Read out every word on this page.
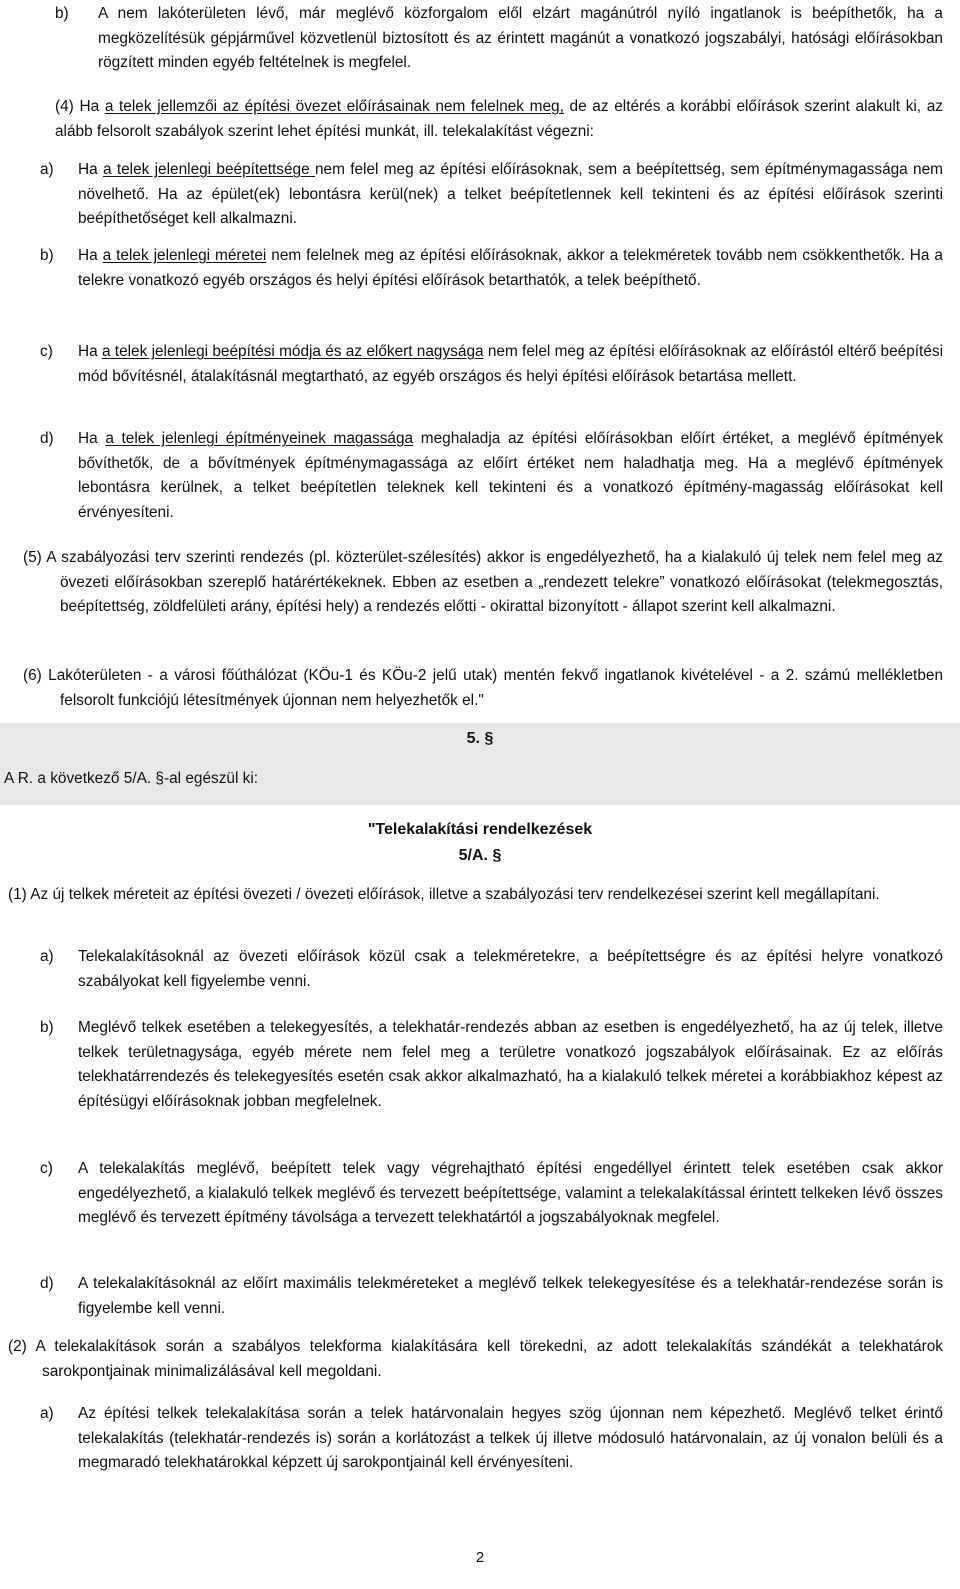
b) A nem lakóterületen lévő, már meglévő közforgalom elől elzárt magánútról nyíló ingatlanok is beépíthetők, ha a megközelítésük gépjárművel közvetlenül biztosított és az érintett magánút a vonatkozó jogszabályi, hatósági előírásokban rögzített minden egyéb feltételnek is megfelel.
(4) Ha a telek jellemzői az építési övezet előírásainak nem felelnek meg, de az eltérés a korábbi előírások szerint alakult ki, az alább felsorolt szabályok szerint lehet építési munkát, ill. telekalakítást végezni:
a) Ha a telek jelenlegi beépítettsége nem felel meg az építési előírásoknak, sem a beépítettség, sem építménymagassága nem növelhető. Ha az épület(ek) lebontásra kerül(nek) a telket beépítetlennek kell tekinteni és az építési előírások szerinti beépíthetőséget kell alkalmazni.
b) Ha a telek jelenlegi méretei nem felelnek meg az építési előírásoknak, akkor a telekméretek tovább nem csökkenthetők. Ha a telekre vonatkozó egyéb országos és helyi építési előírások betarthatók, a telek beépíthető.
c) Ha a telek jelenlegi beépítési módja és az előkert nagysága nem felel meg az építési előírásoknak az előírástól eltérő beépítési mód bővítésnél, átalakításnál megtartható, az egyéb országos és helyi építési előírások betartása mellett.
d) Ha a telek jelenlegi építményeinek magassága meghaladja az építési előírásokban előírt értéket, a meglévő építmények bővíthetők, de a bővítmények építménymagassága az előírt értéket nem haladhatja meg. Ha a meglévő építmények lebontásra kerülnek, a telket beépítetlen teleknek kell tekinteni és a vonatkozó építmény-magasság előírásokat kell érvényesíteni.
(5) A szabályozási terv szerinti rendezés (pl. közterület-szélesítés) akkor is engedélyezhető, ha a kialakuló új telek nem felel meg az övezeti előírásokban szereplő határértékeknek. Ebben az esetben a „rendezett telekre” vonatkozó előírásokat (telekmegosztás, beépítettség, zöldfelületi arány, építési hely) a rendezés előtti - okirattal bizonyított - állapot szerint kell alkalmazni.
(6) Lakóterületen - a városi főúthálózat (KÖu-1 és KÖu-2 jelű utak) mentén fekvő ingatlanok kivételével - a 2. számú mellékletben felsorolt funkciójú létesítmények újonnan nem helyezhetők el."
5. §
A R. a következő 5/A. §-al egészül ki:
"Telekalakítási rendelkezések
5/A. §
(1) Az új telkek méreteit az építési övezeti / övezeti előírások, illetve a szabályozási terv rendelkezései szerint kell megállapítani.
a) Telekalakításoknál az övezeti előírások közül csak a telekméretekre, a beépítettségre és az építési helyre vonatkozó szabályokat kell figyelembe venni.
b) Meglévő telkek esetében a telekegyesítés, a telekhatár-rendezés abban az esetben is engedélyezhető, ha az új telek, illetve telkek területnagysága, egyéb mérete nem felel meg a területre vonatkozó jogszabályok előírásainak. Ez az előírás telekhatárrendezés és telekegyesítés esetén csak akkor alkalmazható, ha a kialakuló telkek méretei a korábbiakhoz képest az építésügyi előírásoknak jobban megfelelnek.
c) A telekalakítás meglévő, beépített telek vagy végrehajtható építési engedéllyel érintett telek esetében csak akkor engedélyezhető, a kialakuló telkek meglévő és tervezett beépítettsége, valamint a telekalakítással érintett telkeken lévő összes meglévő és tervezett építmény távolsága a tervezett telekhatártól a jogszabályoknak megfelel.
d) A telekalakításoknál az előírt maximális telekméreteket a meglévő telkek telekegyesítése és a telekhatár-rendezése során is figyelembe kell venni.
(2) A telekalakítások során a szabályos telekforma kialakítására kell törekedni, az adott telekalakítás szándékát a telekhatárok sarokpontjainak minimalizálásával kell megoldani.
a) Az építési telkek telekalakítása során a telek határvonalain hegyes szög újonnan nem képezhető. Meglévő telket érintő telekalakítás (telekhatár-rendezés is) során a korlátozást a telkek új illetve módosuló határvonalain, az új vonalon belüli és a megmaradó telekhatárokkal képzett új sarokpontjainál kell érvényesíteni.
2
